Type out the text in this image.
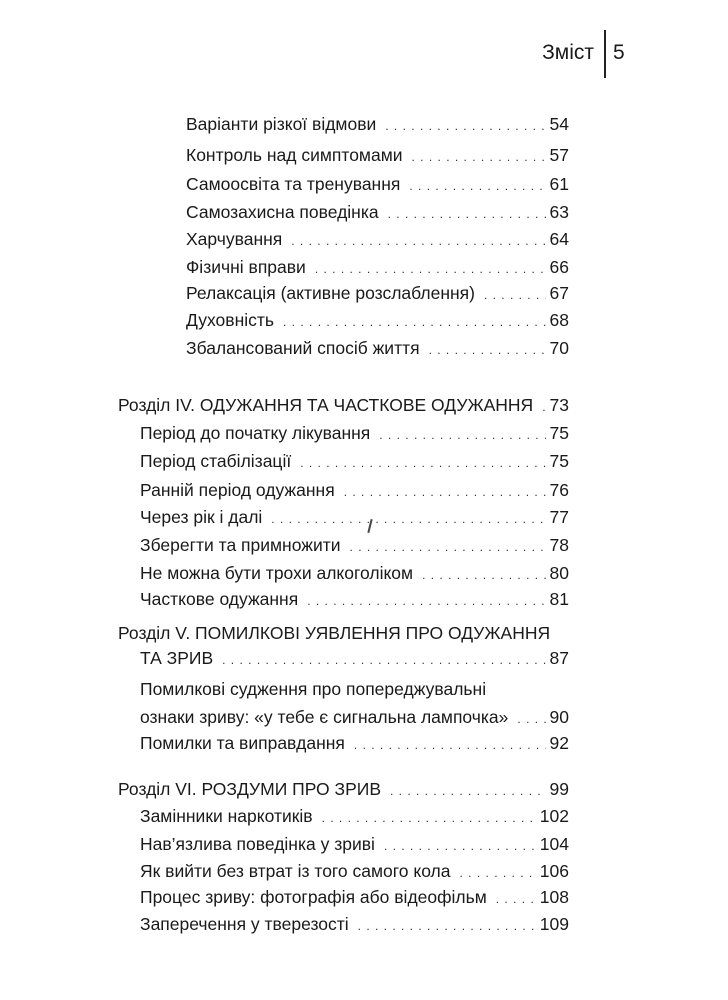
Зміст 5
Варіанти різкої відмови . . .	54
Контроль над симптомами . . .	57
Самоосвіта та тренування . . .	61
Самозахисна поведінка . . .	63
Харчування . . .	64
Фізичні вправи . . .	66
Релаксація (активне розслаблення) . . .	67
Духовність . . .	68
Збалансований спосіб життя . . .	70
Розділ IV. ОДУЖАННЯ ТА ЧАСТКОВЕ ОДУЖАННЯ . . . 73
Період до початку лікування . . .	75
Період стабілізації . . .	75
Ранній період одужання . . .	76
Через рік і далі . . .	77
Зберегти та примножити . . .	78
Не можна бути трохи алкоголіком . . .	80
Часткове одужання . . .	81
Розділ V. ПОМИЛКОВІ УЯВЛЕННЯ ПРО ОДУЖАННЯ
ТА ЗРИВ . . .	87
Помилкові судження про попереджувальні
ознаки зриву: «у тебе є сигнальна лампочка» . . . 90
Помилки та виправдання . . .	92
Розділ VI. РОЗДУМИ ПРО ЗРИВ . . .	99
Замінники наркотиків . . .	102
Нав’язлива поведінка у зриві . . .	104
Як вийти без втрат із того самого кола . . .	106
Процес зриву: фотографія або відеофільм . . .	108
Заперечення у тверезості . . .	109
